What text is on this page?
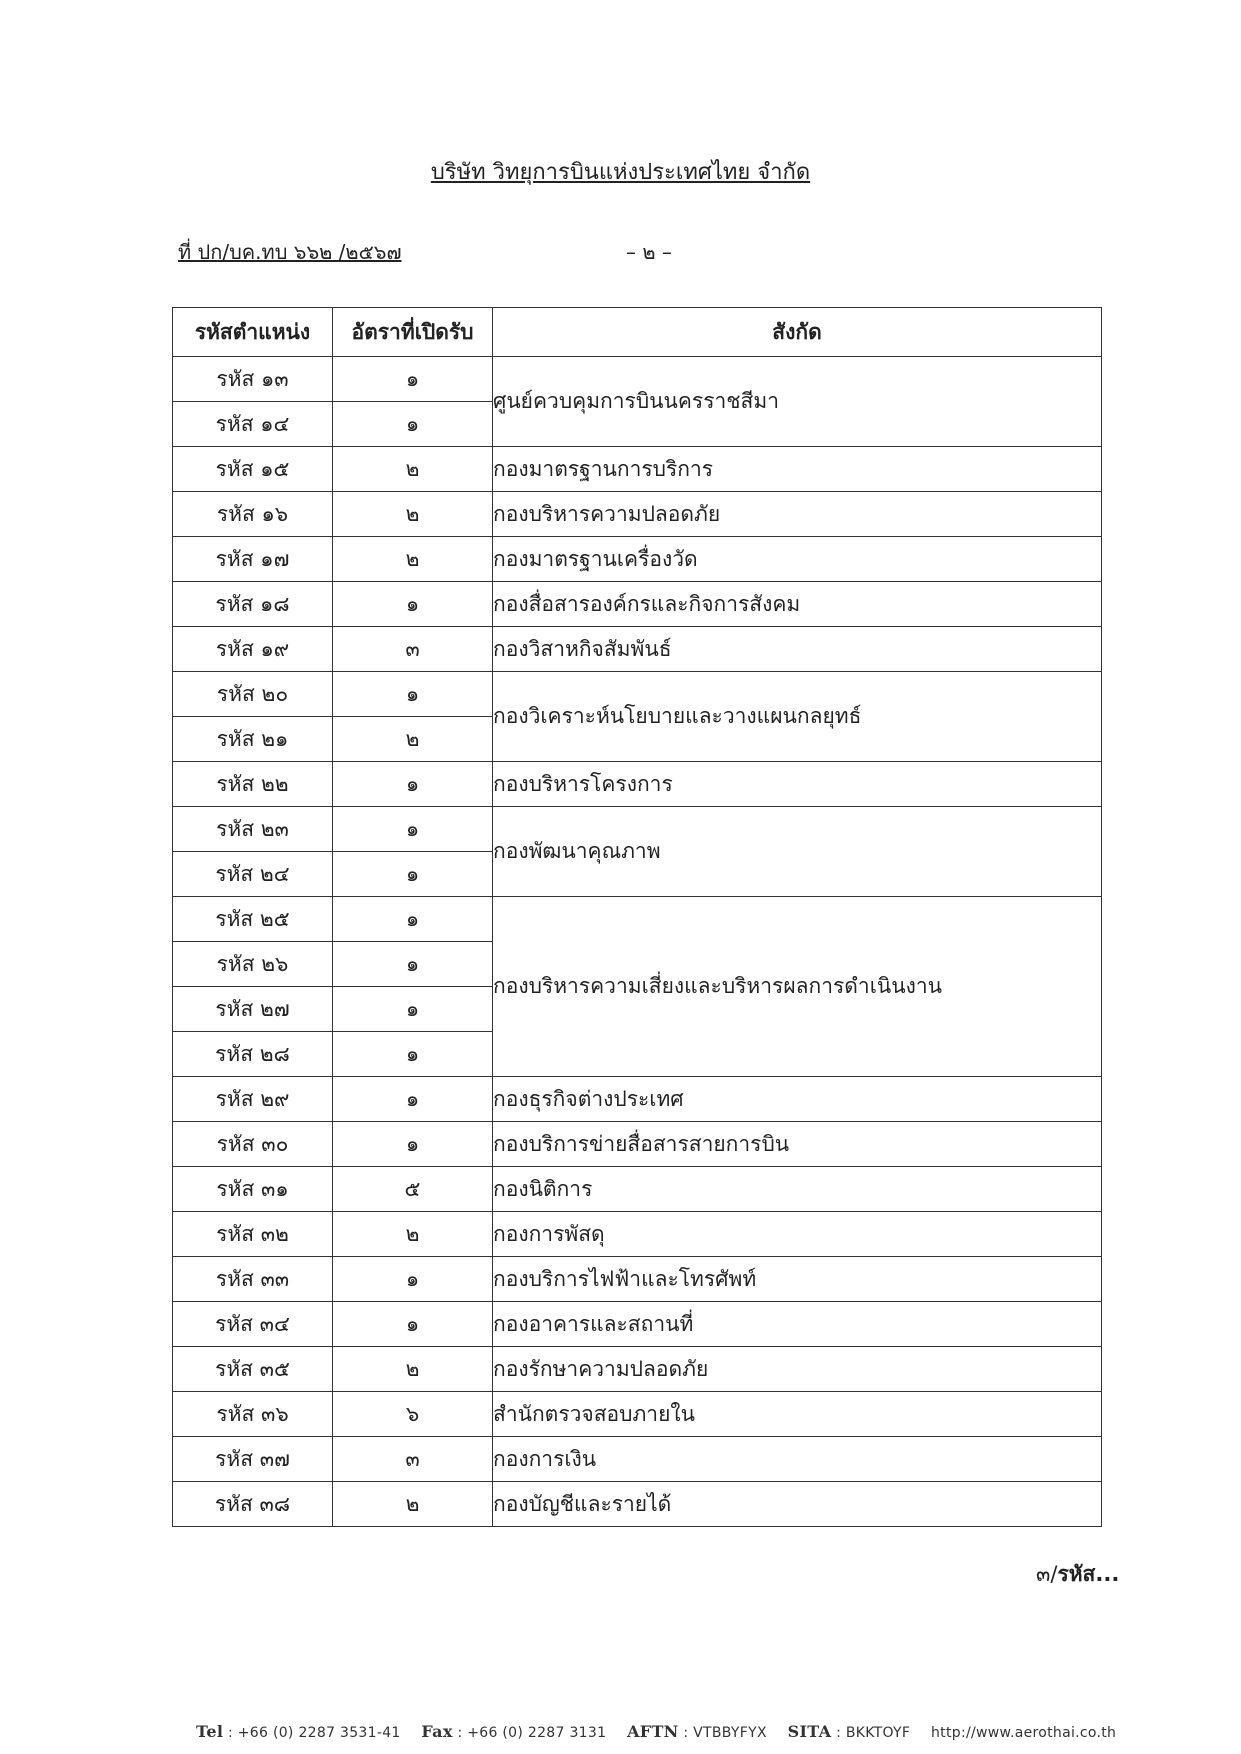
บริษัท วิทยุการบินแห่งประเทศไทย จำกัด
ที่ ปก/บค.ทบ ๖๖๒ /๒๕๖๗	– ๒ –
รหัสตำแหน่ง	อัตราที่เปิดรับ	สังกัด
รหัส ๑๓	๑	ศูนย์ควบคุมการบินนครราชสีมา
รหัส ๑๔	๑	
รหัส ๑๕	๒	กองมาตรฐานการบริการ
รหัส ๑๖	๒	กองบริหารความปลอดภัย
รหัส ๑๗	๒	กองมาตรฐานเครื่องวัด
รหัส ๑๘	๑	กองสื่อสารองค์กรและกิจการสังคม
รหัส ๑๙	๓	กองวิสาหกิจสัมพันธ์
รหัส ๒๐	๑	กองวิเคราะห์นโยบายและวางแผนกลยุทธ์
รหัส ๒๑	๒	
รหัส ๒๒	๑	กองบริหารโครงการ
รหัส ๒๓	๑	กองพัฒนาคุณภาพ
รหัส ๒๔	๑	
รหัส ๒๕	๑	กองบริหารความเสี่ยงและบริหารผลการดำเนินงาน
รหัส ๒๖	๑	
รหัส ๒๗	๑	
รหัส ๒๘	๑	
รหัส ๒๙	๑	กองธุรกิจต่างประเทศ
รหัส ๓๐	๑	กองบริการข่ายสื่อสารสายการบิน
รหัส ๓๑	๕	กองนิติการ
รหัส ๓๒	๒	กองการพัสดุ
รหัส ๓๓	๑	กองบริการไฟฟ้าและโทรศัพท์
รหัส ๓๔	๑	กองอาคารและสถานที่
รหัส ๓๕	๒	กองรักษาความปลอดภัย
รหัส ๓๖	๖	สำนักตรวจสอบภายใน
รหัส ๓๗	๓	กองการเงิน
รหัส ๓๘	๒	กองบัญชีและรายได้
๓/รหัส...
Tel : +66 (0) 2287 3531-41 Fax : +66 (0) 2287 3131 AFTN : VTBBYFYX SITA : BKKTOYF http://www.aerothai.co.th
